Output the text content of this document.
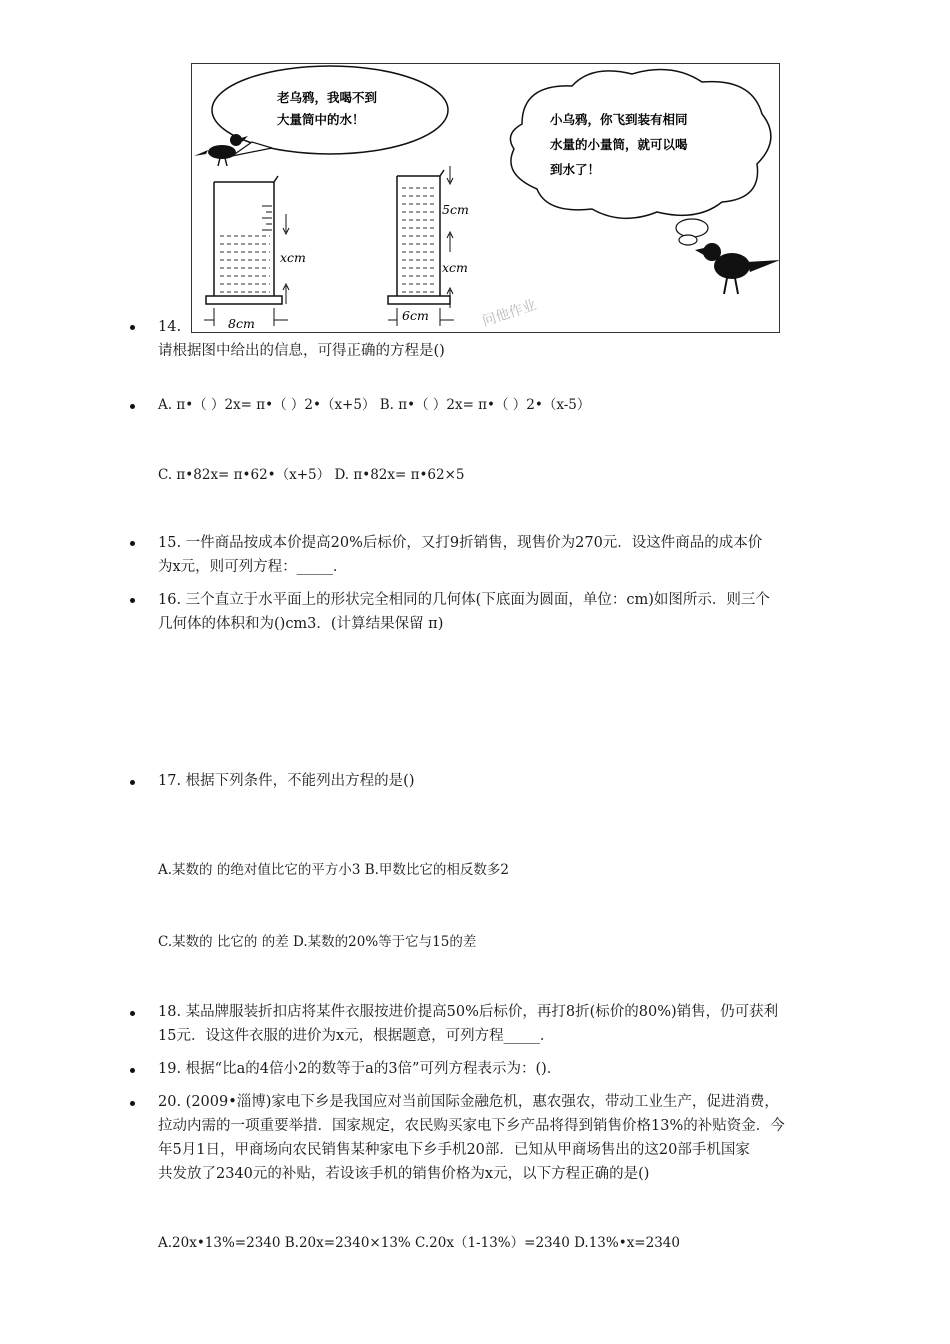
老乌鸦，我喝不到
大量筒中的水！	小乌鸦，你飞到装有相同
水量的小量筒，就可以喝
到水了！
xcm
8cm
5cm
xcm
6cm	问他作业
14.
请根据图中给出的信息，可得正确的方程是()
A. π•（ ）2x= π•（ ）2•（x+5） B. π•（ ）2x= π•（ ）2•（x-5）
C. π•82x= π•62•（x+5） D. π•82x= π•62×5
15. 一件商品按成本价提高20%后标价，又打9折销售，现售价为270元．设这件商品的成本价
为x元，则可列方程：_____．
16. 三个直立于水平面上的形状完全相同的几何体(下底面为圆面，单位：cm)如图所示．则三个
几何体的体积和为()cm3．(计算结果保留 π)
17. 根据下列条件，不能列出方程的是()
A.某数的 的绝对值比它的平方小3 B.甲数比它的相反数多2
C.某数的 比它的 的差 D.某数的20%等于它与15的差
18. 某品牌服装折扣店将某件衣服按进价提高50%后标价，再打8折(标价的80%)销售，仍可获利
15元．设这件衣服的进价为x元，根据题意，可列方程_____．
19. 根据“比a的4倍小2的数等于a的3倍”可列方程表示为：()．
20. (2009•淄博)家电下乡是我国应对当前国际金融危机，惠农强农，带动工业生产，促进消费，
拉动内需的一项重要举措．国家规定，农民购买家电下乡产品将得到销售价格13%的补贴资金．今
年5月1日，甲商场向农民销售某种家电下乡手机20部．已知从甲商场售出的这20部手机国家
共发放了2340元的补贴，若设该手机的销售价格为x元，以下方程正确的是()
A.20x•13%=2340 B.20x=2340×13% C.20x（1-13%）=2340 D.13%•x=2340
